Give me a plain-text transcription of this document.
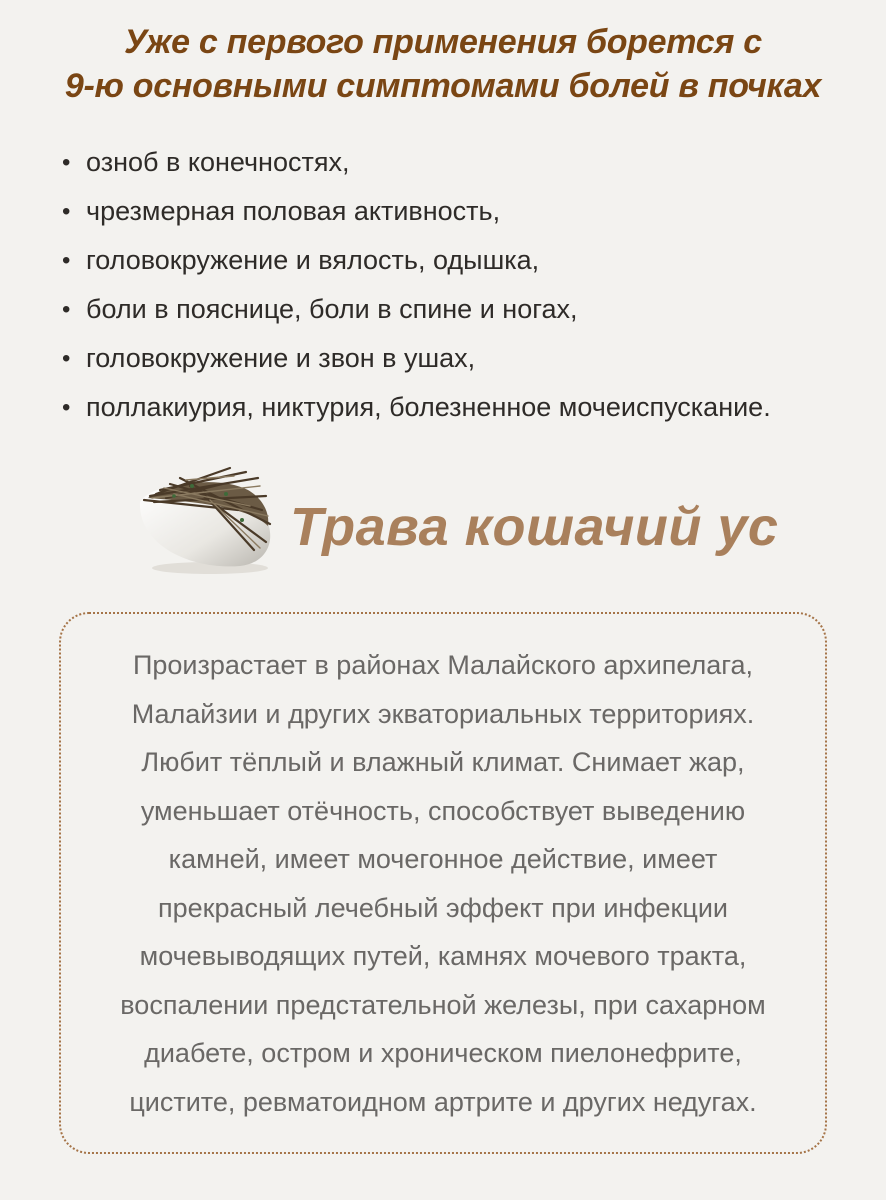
Уже с первого применения борется с
9-ю основными симптомами болей в почках
• озноб в конечностях,
• чрезмерная половая активность,
• головокружение и вялость, одышка,
• боли в пояснице, боли в спине и ногах,
• головокружение и звон в ушах,
• поллакиурия, никтурия, болезненное мочеиспускание.
Трава кошачий ус
Произрастает в районах Малайского архипелага,
Малайзии и других экваториальных территориях.
Любит тёплый и влажный климат. Снимает жар,
уменьшает отёчность, способствует выведению
камней, имеет мочегонное действие, имеет
прекрасный лечебный эффект при инфекции
мочевыводящих путей, камнях мочевого тракта,
воспалении предстательной железы, при сахарном
диабете, остром и хроническом пиелонефрите,
цистите, ревматоидном артрите и других недугах.
